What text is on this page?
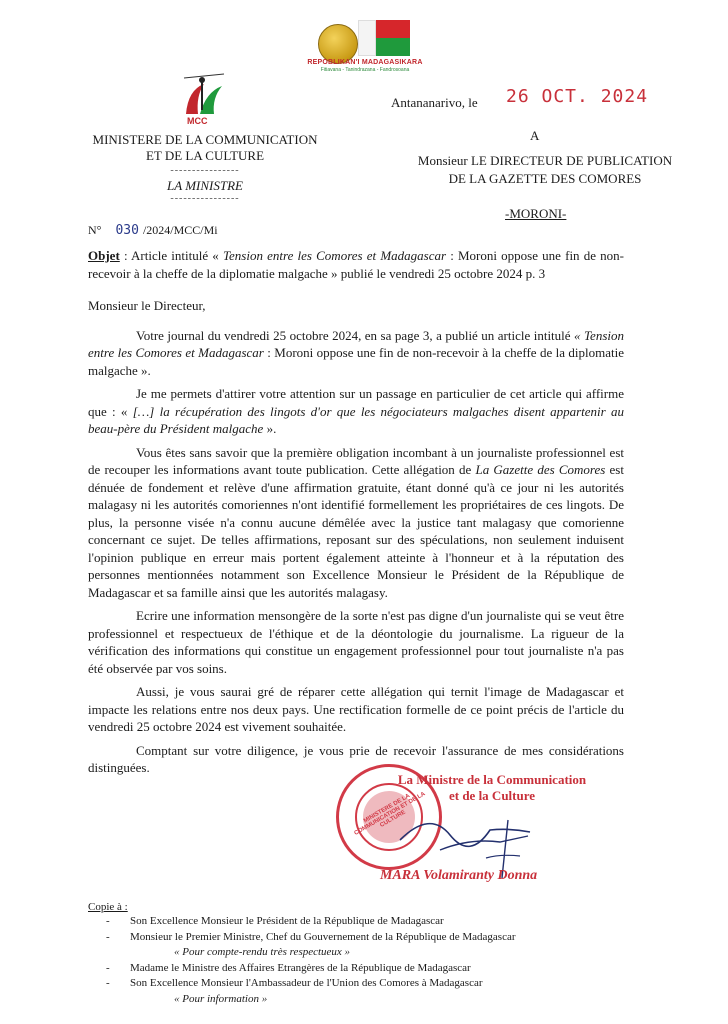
REPOBLIKAN'I MADAGASIKARA
Fitiavana - Tanindrazana - Fandrosoana
MCC
MINISTERE DE LA COMMUNICATION
ET DE LA CULTURE
----------------
LA MINISTRE
----------------
Antananarivo, le 26 OCT. 2024
A
Monsieur LE DIRECTEUR DE PUBLICATION
DE LA GAZETTE DES COMORES
-MORONI-
N° 030 /2024/MCC/Mi
Objet : Article intitulé « Tension entre les Comores et Madagascar : Moroni oppose une fin de non-recevoir à la cheffe de la diplomatie malgache » publié le vendredi 25 octobre 2024 p. 3

Monsieur le Directeur,

Votre journal du vendredi 25 octobre 2024, en sa page 3, a publié un article intitulé « Tension entre les Comores et Madagascar : Moroni oppose une fin de non-recevoir à la cheffe de la diplomatie malgache ».

Je me permets d'attirer votre attention sur un passage en particulier de cet article qui affirme que : « […] la récupération des lingots d'or que les négociateurs malgaches disent appartenir au beau-père du Président malgache ».

Vous êtes sans savoir que la première obligation incombant à un journaliste professionnel est de recouper les informations avant toute publication. Cette allégation de La Gazette des Comores est dénuée de fondement et relève d'une affirmation gratuite, étant donné qu'à ce jour ni les autorités malagasy ni les autorités comoriennes n'ont identifié formellement les propriétaires de ces lingots. De plus, la personne visée n'a connu aucune démêlée avec la justice tant malagasy que comorienne concernant ce sujet. De telles affirmations, reposant sur des spéculations, non seulement induisent l'opinion publique en erreur mais portent également atteinte à l'honneur et à la réputation des personnes mentionnées notamment son Excellence Monsieur le Président de la République de Madagascar et sa famille ainsi que les autorités malagasy.

Ecrire une information mensongère de la sorte n'est pas digne d'un journaliste qui se veut être professionnel et respectueux de l'éthique et de la déontologie du journalisme. La rigueur de la vérification des informations qui constitue un engagement professionnel pour tout journaliste n'a pas été observée par vos soins.

Aussi, je vous saurai gré de réparer cette allégation qui ternit l'image de Madagascar et impacte les relations entre nos deux pays. Une rectification formelle de ce point précis de l'article du vendredi 25 octobre 2024 est vivement souhaitée.

Comptant sur votre diligence, je vous prie de recevoir l'assurance de mes considérations distinguées.

MINISTERE DE LA COMMUNICATION ET DE LA CULTURE
La Ministre de la Communication
et de la Culture
MARA Volamiranty Donna
Copie à :
- Son Excellence Monsieur le Président de la République de Madagascar
- Monsieur le Premier Ministre, Chef du Gouvernement de la République de Madagascar
« Pour compte-rendu très respectueux »
- Madame le Ministre des Affaires Etrangères de la République de Madagascar
- Son Excellence Monsieur l'Ambassadeur de l'Union des Comores à Madagascar
« Pour information »
